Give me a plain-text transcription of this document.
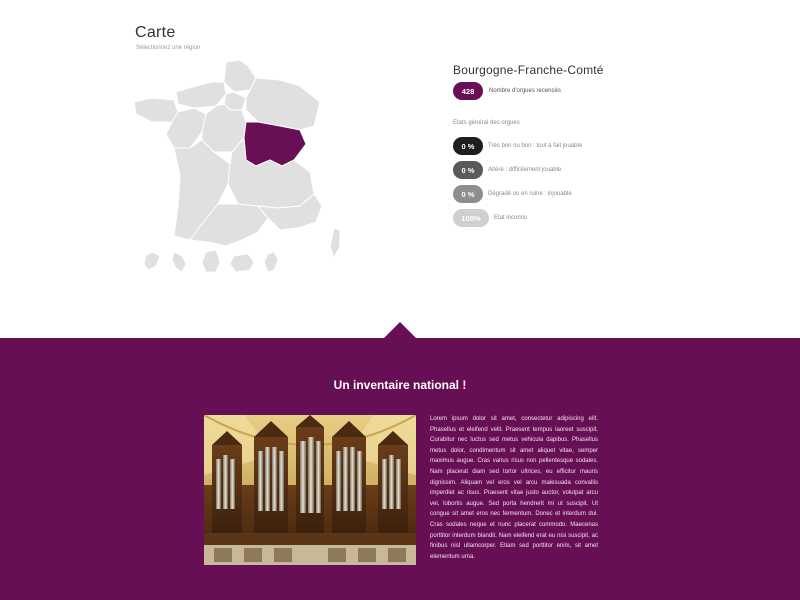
Carte
Sélectionnez une région
Bourgogne-Franche-Comté
428	Nombre d'orgues recencés
Etats général des orgues
0 %	Très bon ou bon : tout à fait jouable
0 %	Altéré : difficilement jouable
0 %	Dégradé ou en ruine : injouable
100%	Etat inconnu
Un inventaire national !
Lorem ipsum dolor sit amet, consectetur adipiscing elit. Phasellus et eleifend velit. Praesent tempus laoreet suscipit. Curabitur nec luctus sed metus vehicula dapibus. Phasellus metus dolor, condimentum sit amet aliquet vitae, semper maximus augue. Cras varius risus non pellentesque sodales. Nam placerat diam sed tortor ultrices, eu efficitur mauris dignissim. Aliquam vel eros vel arcu malesuada convallis imperdiet ac risus. Praesent vitae justo auctor, volutpat arcu vel, lobortis augue. Sed porta hendrerit mi ut suscipit. Ut congue sit amet eros nec fermentum. Donec et interdum dui. Cras sodales neque et nunc placerat commodo. Maecenas porttitor interdum blandit. Nam eleifend erat eu nisi suscipit, ac finibus nisl ullamcorper. Etiam sed porttitor enim, sit amet elementum urna.
